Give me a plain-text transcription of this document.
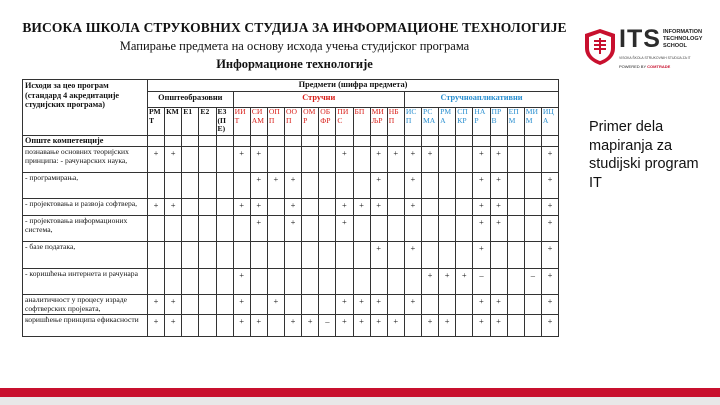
ВИСОКА ШКОЛА СТРУКОВНИХ СТУДИЈА ЗА ИНФОРМАЦИОНЕ ТЕХНОЛОГИЈЕ
Мапирање предмета на основу исхода учења студијског програма
Информационе технологије
ITS INFORMATION
TECHNOLOGY
SCHOOL
VISOKA ŠKOLA STRUKOVNIH STUDIJA ZA IT
POWERED BY COMTRADE
Primer dela mapiranja za studijski program IT
Исходи за цео програм (стандард 4 акредитације студијских програма)	Предмети (шифра предмета)																							
	Општеобразовни					Стручни										Стручноапликативни								
	РМ Т	КМ	Е1	Е2	Е3 (П Е)	ИИ Т	СИ АМ	ОП П	ОО П	ОМ Р	ОБ ФР	ПИ С	БП	МИ ЉР	НБ П	ИС П	РС МА	РМ А	СП КР	НА Р	ПР В	ЕП М	МИ М	ИЦ А
Опште компетенције																								
познавање основних теоријских принципа: - рачунарских наука,	+	+				+	+					+		+	+	+	+			+	+			+
- програмирања,							+	+	+					+		+				+	+			+
- пројектовања и развоја софтвера,	+	+				+	+		+			+	+	+		+				+	+			+
- пројектовања информационих система,							+		+			+								+	+			+
- базе података,														+		+				+				+
- коришћења интернета и рачунара						+											+	+	+	–			–	+
аналитичност у процесу израде софтверских пројеката,	+	+				+		+				+	+	+		+				+	+			+
коришћење принципа ефикасности	+	+				+	+		+	+	–	+	+	+	+		+	+		+	+			+
